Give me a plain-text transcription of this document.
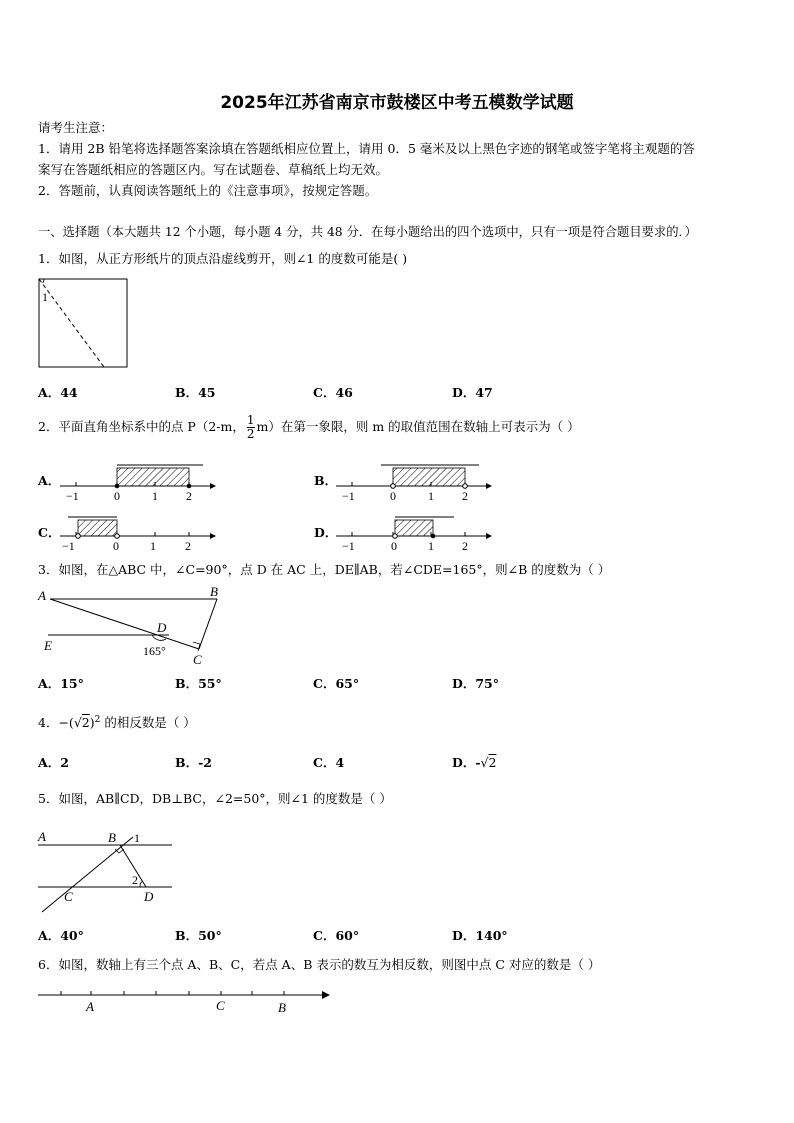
2025年江苏省南京市鼓楼区中考五模数学试题
请考生注意：
1．请用 2B 铅笔将选择题答案涂填在答题纸相应位置上，请用 0．5 毫米及以上黑色字迹的钢笔或签字笔将主观题的答
案写在答题纸相应的答题区内。写在试题卷、草稿纸上均无效。
2．答题前，认真阅读答题纸上的《注意事项》，按规定答题。
一、选择题（本大题共 12 个小题，每小题 4 分，共 48 分．在每小题给出的四个选项中，只有一项是符合题目要求的．）
1．如图，从正方形纸片的顶点沿虚线剪开，则∠1 的度数可能是( )
1
A．44	B．45	C．46	D．47
2．平面直角坐标系中的点 P（2-m， $\frac{1}{2} m$）在第一象限，则 m 的取值范围在数轴上可表示为（ ）
A．
−1	0	1 2
B．
−1	0	1 2
C．
−1	0	1 2
D．
−1	0	1 2
3．如图，在△ABC 中，∠C=90°，点 D 在 AC 上，DE∥AB，若∠CDE=165°，则∠B 的度数为（ ）
A	B
C
D
E	165°
A．15°	B．55°	C．65°	D．75°
4．$-(√2)^2$ 的相反数是（ ）
A．2	B．-2	C．4	D．-√2
5．如图，AB∥CD，DB⊥BC，∠2=50°，则∠1 的度数是（ ）
A	B
C	D
1
2
A．40°	B．50°	C．60°	D．140°
6．如图，数轴上有三个点 A、B、C，若点 A、B 表示的数互为相反数，则图中点 C 对应的数是（ ）
A	C	B
